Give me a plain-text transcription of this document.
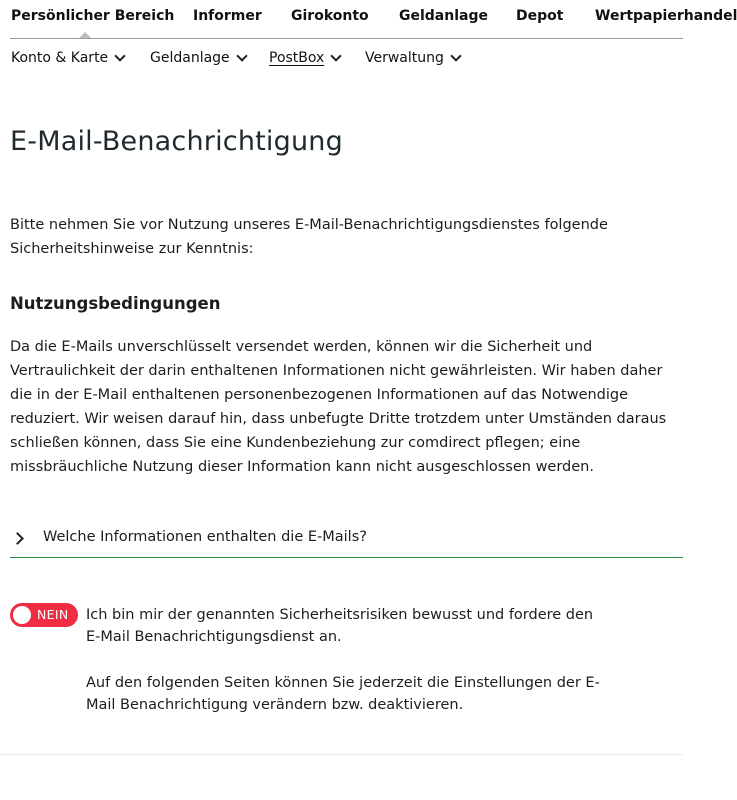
Persönlicher Bereich Informer Girokonto Geldanlage Depot Wertpapierhandel
Konto & Karte	Geldanlage	PostBox	Verwaltung
E-Mail-Benachrichtigung

Bitte nehmen Sie vor Nutzung unseres E-Mail-Benachrichtigungsdienstes folgende Sicherheitshinweise zur Kenntnis:

Nutzungsbedingungen

Da die E-Mails unverschlüsselt versendet werden, können wir die Sicherheit und Vertraulichkeit der darin enthaltenen Informationen nicht gewährleisten. Wir haben daher die in der E-Mail enthaltenen personenbezogenen Informationen auf das Notwendige reduziert. Wir weisen darauf hin, dass unbefugte Dritte trotzdem unter Umständen daraus schließen können, dass Sie eine Kundenbeziehung zur comdirect pflegen; eine missbräuchliche Nutzung dieser Information kann nicht ausgeschlossen werden.

Welche Informationen enthalten die E-Mails?
NEIN Ich bin mir der genannten Sicherheitsrisiken bewusst und fordere den E-Mail Benachrichtigungsdienst an.

Auf den folgenden Seiten können Sie jederzeit die Einstellungen der E-Mail Benachrichtigung verändern bzw. deaktivieren.
